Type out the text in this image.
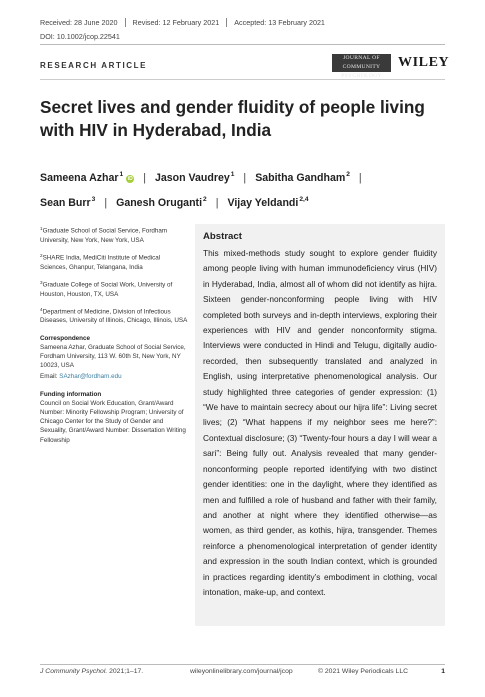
Received: 28 June 2020	Revised: 12 February 2021	Accepted: 13 February 2021
DOI: 10.1002/jcop.22541
RESEARCH ARTICLE
JOURNAL OF
COMMUNITY PSYCHOLOGY
WILEY
Secret lives and gender fluidity of people living with HIV in Hyderabad, India
Sameena Azhar$^1$iD | Jason Vaudrey$^1$ | Sabitha Gandham$^2$ |
Sean Burr$^3$ | Ganesh Oruganti$^2$ | Vijay Yeldandi$^{2,4}$
$^1$Graduate School of Social Service, Fordham University, New York, New York, USA
$^2$SHARE India, MediCiti Institute of Medical Sciences, Ghanpur, Telangana, India
$^3$Graduate College of Social Work, University of Houston, Houston, TX, USA
$^4$Department of Medicine, Division of Infectious Diseases, University of Illinois, Chicago, Illinois, USA
Correspondence
Sameena Azhar, Graduate School of Social Service, Fordham University, 113 W. 60th St, New York, NY 10023, USA
Email: SAzhar@fordham.edu
Funding information
Council on Social Work Education, Grant/Award Number: Minority Fellowship Program; University of Chicago Center for the Study of Gender and Sexuality, Grant/Award Number: Dissertation Writing Fellowship
Abstract

This mixed-methods study sought to explore gender fluidity among people living with human immunodeficiency virus (HIV) in Hyderabad, India, almost all of whom did not identify as hijra. Sixteen gender-nonconforming people living with HIV completed both surveys and in-depth interviews, exploring their experiences with HIV and gender nonconformity stigma. Interviews were conducted in Hindi and Telugu, digitally audio-recorded, then subsequently translated and analyzed in English, using interpretative phenomenological analysis. Our study highlighted three categories of gender expression: (1) “We have to maintain secrecy about our hijra life”: Living secret lives; (2) “What happens if my neighbor sees me here?”: Contextual disclosure; (3) “Twenty-four hours a day I will wear a sari”: Being fully out. Analysis revealed that many gender-nonconforming people reported identifying with two distinct gender identities: one in the daylight, where they identified as men and fulfilled a role of husband and father with their family, and another at night where they identified otherwise—as women, as third gender, as kothis, hijra, transgender. Themes reinforce a phenomenological interpretation of gender identity and expression in the south Indian context, which is grounded in practices regarding identity’s embodiment in clothing, vocal intonation, make-up, and context.

J Community Psychol. 2021;1–17.	wileyonlinelibrary.com/journal/jcop	© 2021 Wiley Periodicals LLC	1
